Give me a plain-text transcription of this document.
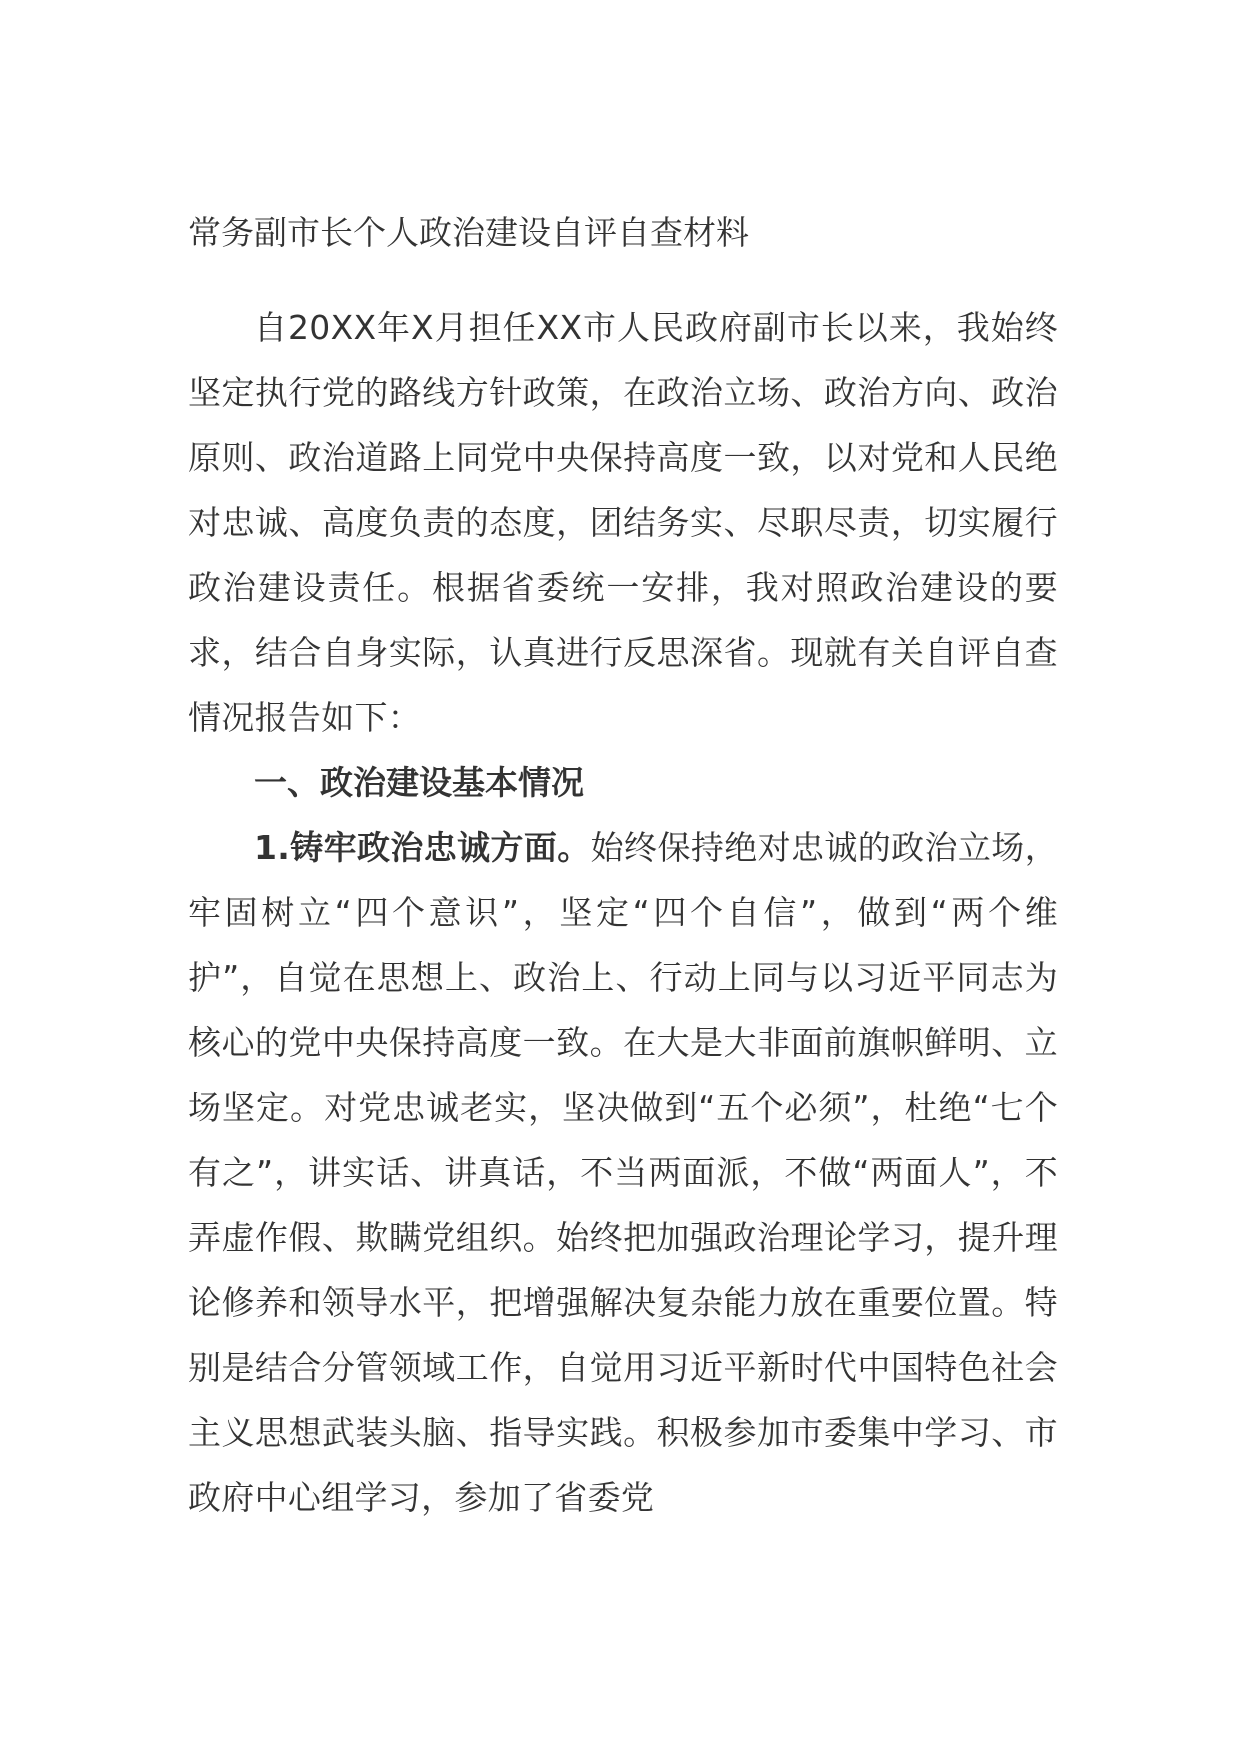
常务副市长个人政治建设自评自查材料

自20XX年X月担任XX市人民政府副市长以来，我始终坚定执行党的路线方针政策，在政治立场、政治方向、政治原则、政治道路上同党中央保持高度一致，以对党和人民绝对忠诚、高度负责的态度，团结务实、尽职尽责，切实履行政治建设责任。根据省委统一安排，我对照政治建设的要求，结合自身实际，认真进行反思深省。现就有关自评自查情况报告如下：

一、政治建设基本情况

1.铸牢政治忠诚方面。始终保持绝对忠诚的政治立场，牢固树立“四个意识”，坚定“四个自信”，做到“两个维护”，自觉在思想上、政治上、行动上同与以习近平同志为核心的党中央保持高度一致。在大是大非面前旗帜鲜明、立场坚定。对党忠诚老实，坚决做到“五个必须”，杜绝“七个有之”，讲实话、讲真话，不当两面派，不做“两面人”，不弄虚作假、欺瞒党组织。始终把加强政治理论学习，提升理论修养和领导水平，把增强解决复杂能力放在重要位置。特别是结合分管领域工作，自觉用习近平新时代中国特色社会主义思想武装头脑、指导实践。积极参加市委集中学习、市政府中心组学习，参加了省委党
